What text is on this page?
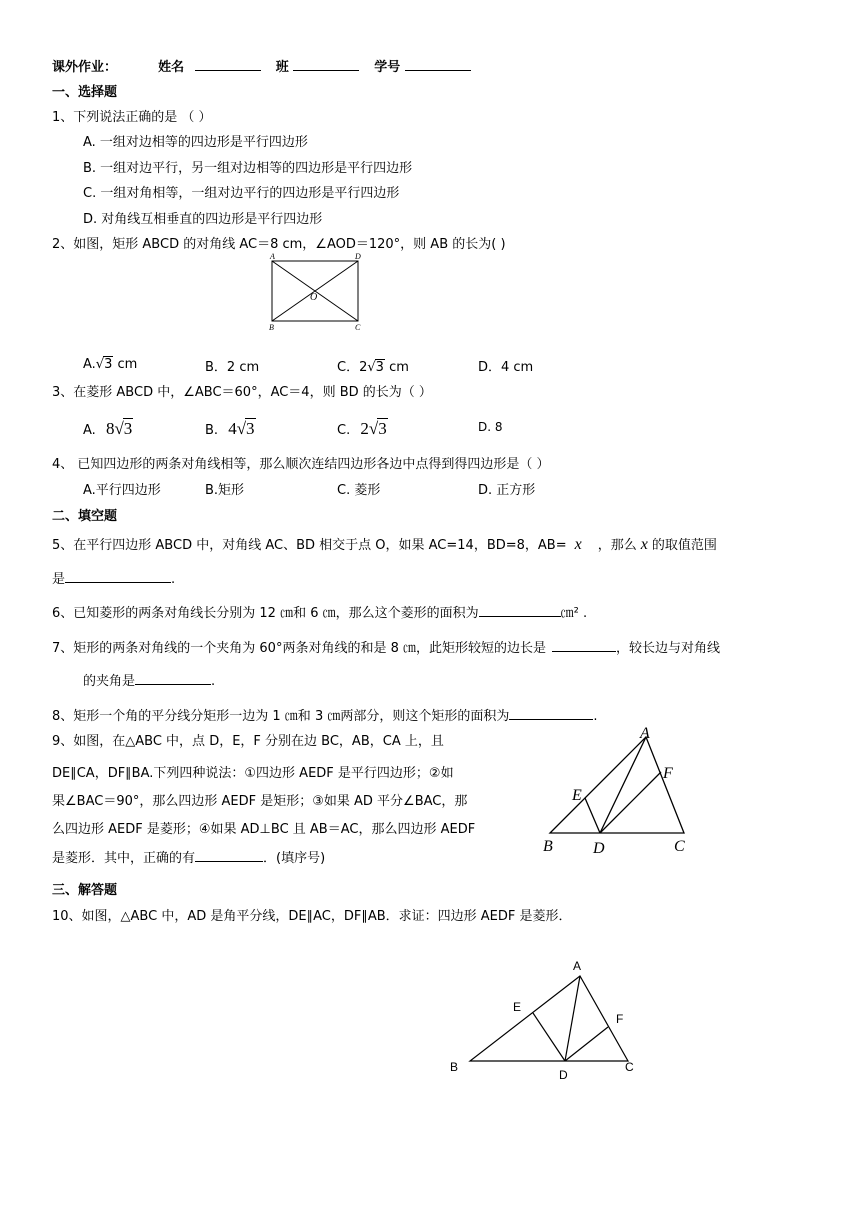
课外作业：	姓名	班	学号
一、选择题
1、下列说法正确的是 （ ）
A. 一组对边相等的四边形是平行四边形
B. 一组对边平行，另一组对边相等的四边形是平行四边形
C. 一组对角相等，一组对边平行的四边形是平行四边形
D. 对角线互相垂直的四边形是平行四边形
2、如图，矩形 ABCD 的对角线 AC＝8 cm，∠AOD＝120°，则 AB 的长为( )
A	D
O
B	C
A.√3 cm	B．2 cm	C．2√3 cm	D．4 cm
3、在菱形 ABCD 中，∠ABC＝60°，AC＝4，则 BD 的长为（ ）
A. 8√3	B. 4√3	C. 2√3	D. 8
4、 已知四边形的两条对角线相等，那么顺次连结四边形各边中点得到得四边形是（ ）
A.平行四边形	B.矩形	C. 菱形	D. 正方形
二、填空题
5、在平行四边形 ABCD 中，对角线 AC、BD 相交于点 O，如果 AC=14，BD=8，AB= x ，那么 x 的取值范围
是	.
6、已知菱形的两条对角线长分别为 12 ㎝和 6 ㎝，那么这个菱形的面积为	㎝² .
7、矩形的两条对角线的一个夹角为 60°两条对角线的和是 8 ㎝，此矩形较短的边长是	，较长边与对角线
的夹角是	.
8、矩形一个角的平分线分矩形一边为 1 ㎝和 3 ㎝两部分，则这个矩形的面积为	.
9、如图，在△ABC 中，点 D，E，F 分别在边 BC，AB，CA 上，且
DE∥CA，DF∥BA.下列四种说法：①四边形 AEDF 是平行四边形；②如
果∠BAC＝90°，那么四边形 AEDF 是矩形；③如果 AD 平分∠BAC，那
么四边形 AEDF 是菱形；④如果 AD⊥BC 且 AB＝AC，那么四边形 AEDF
是菱形．其中，正确的有	．(填序号)
A
F
E
B	D	C
三、解答题
10、如图，△ABC 中，AD 是角平分线，DE∥AC，DF∥AB．求证：四边形 AEDF 是菱形．
A
E
F
B
D
C
